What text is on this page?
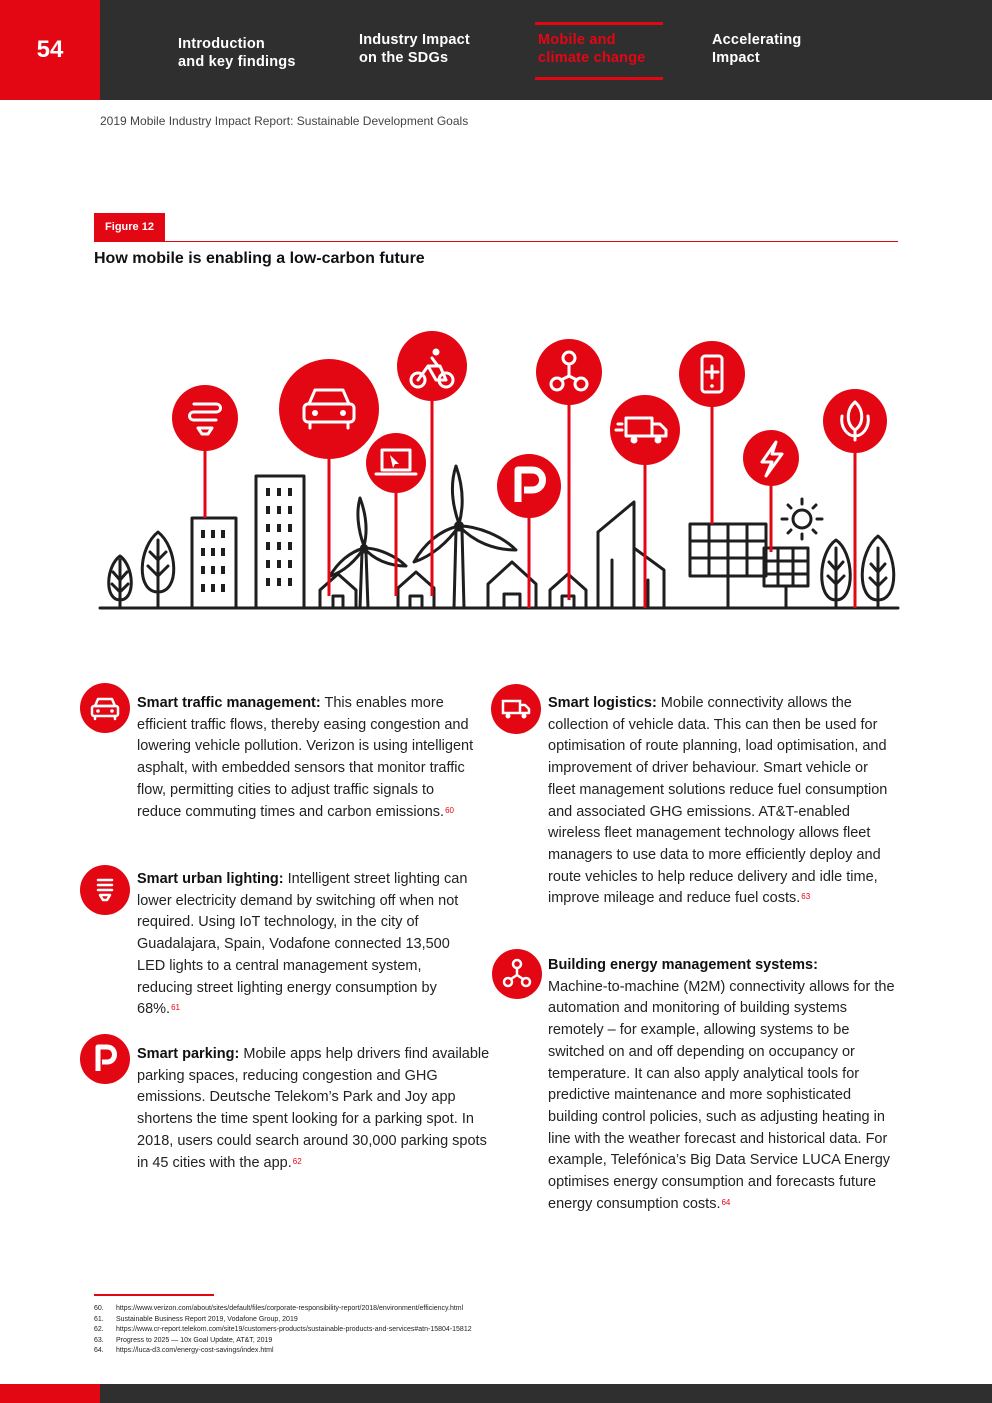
54	Introduction
and key findings
Industry Impact
on the SDGs
Mobile and
climate change
Accelerating
Impact
2019 Mobile Industry Impact Report: Sustainable Development Goals
Figure 12
How mobile is enabling a low-carbon future
Smart traffic management: This enables more efficient traffic flows, thereby easing congestion and lowering vehicle pollution. Verizon is using intelligent asphalt, with embedded sensors that monitor traffic flow, permitting cities to adjust traffic signals to reduce commuting times and carbon emissions.$^{60}$
Smart urban lighting: Intelligent street lighting can lower electricity demand by switching off when not required. Using IoT technology, in the city of Guadalajara, Spain, Vodafone connected 13,500 LED lights to a central management system, reducing street lighting energy consumption by 68%.$^{61}$
Smart parking: Mobile apps help drivers find available parking spaces, reducing congestion and GHG emissions. Deutsche Telekom’s Park and Joy app shortens the time spent looking for a parking spot. In 2018, users could search around 30,000 parking spots in 45 cities with the app.$^{62}$
Smart logistics: Mobile connectivity allows the collection of vehicle data. This can then be used for optimisation of route planning, load optimisation, and improvement of driver behaviour. Smart vehicle or fleet management solutions reduce fuel consumption and associated GHG emissions. AT&T-enabled wireless fleet management technology allows fleet managers to use data to more efficiently deploy and route vehicles to help reduce delivery and idle time, improve mileage and reduce fuel costs.$^{63}$
Building energy management systems:
Machine-to-machine (M2M) connectivity allows for the automation and monitoring of building systems remotely – for example, allowing systems to be switched on and off depending on occupancy or temperature. It can also apply analytical tools for predictive maintenance and more sophisticated building control policies, such as adjusting heating in line with the weather forecast and historical data. For example, Telefónica’s Big Data Service LUCA Energy optimises energy consumption and forecasts future energy consumption costs.$^{64}$
60.	https://www.verizon.com/about/sites/default/files/corporate-responsibility-report/2018/environment/efficiency.html
61.	Sustainable Business Report 2019, Vodafone Group, 2019
62.	https://www.cr-report.telekom.com/site19/customers-products/sustainable-products-and-services#atn-15804-15812
63.	Progress to 2025 — 10x Goal Update, AT&T, 2019
64.	https://luca-d3.com/energy-cost-savings/index.html
